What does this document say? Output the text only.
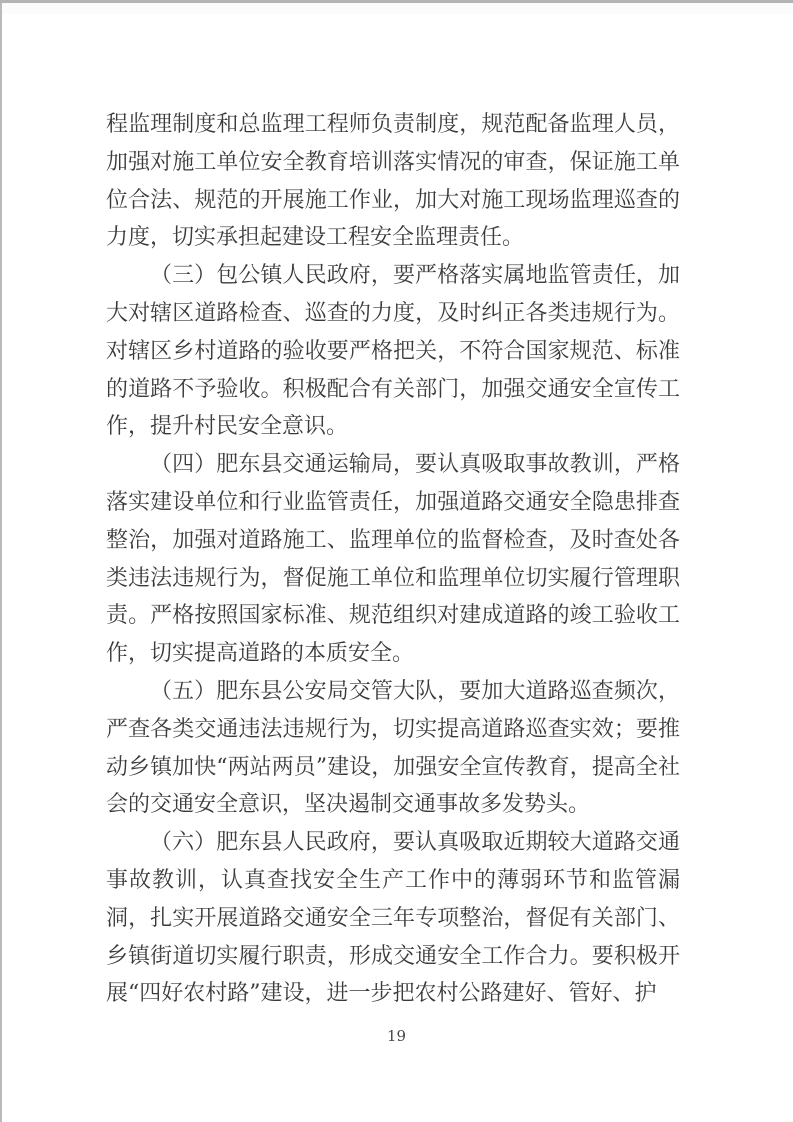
程监理制度和总监理工程师负责制度，规范配备监理人员，加强对施工单位安全教育培训落实情况的审查，保证施工单位合法、规范的开展施工作业，加大对施工现场监理巡查的力度，切实承担起建设工程安全监理责任。

（三）包公镇人民政府，要严格落实属地监管责任，加大对辖区道路检查、巡查的力度，及时纠正各类违规行为。对辖区乡村道路的验收要严格把关，不符合国家规范、标准的道路不予验收。积极配合有关部门，加强交通安全宣传工作，提升村民安全意识。

（四）肥东县交通运输局，要认真吸取事故教训，严格落实建设单位和行业监管责任，加强道路交通安全隐患排查整治，加强对道路施工、监理单位的监督检查，及时查处各类违法违规行为，督促施工单位和监理单位切实履行管理职责。严格按照国家标准、规范组织对建成道路的竣工验收工作，切实提高道路的本质安全。

（五）肥东县公安局交管大队，要加大道路巡查频次，严查各类交通违法违规行为，切实提高道路巡查实效；要推动乡镇加快“两站两员”建设，加强安全宣传教育，提高全社会的交通安全意识，坚决遏制交通事故多发势头。

（六）肥东县人民政府，要认真吸取近期较大道路交通事故教训，认真查找安全生产工作中的薄弱环节和监管漏洞，扎实开展道路交通安全三年专项整治，督促有关部门、乡镇街道切实履行职责，形成交通安全工作合力。要积极开展“四好农村路”建设，进一步把农村公路建好、管好、护

19
